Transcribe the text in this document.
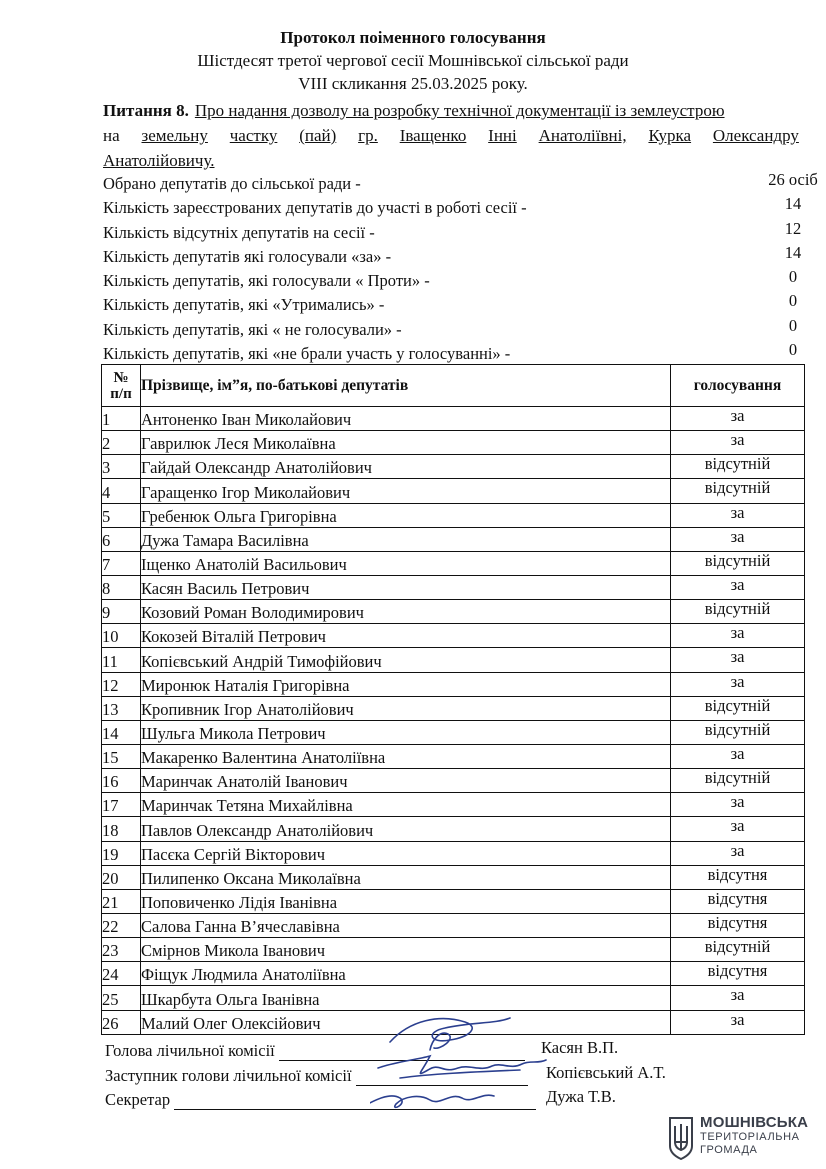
Протокол поіменного голосування
Шістдесят третої чергової сесії Мошнівської сільської ради
VIII скликання 25.03.2025 року.
Питання 8. Про надання дозволу на розробку технічної документації із землеустрою
на земельну частку (пай) гр. Іващенко Інні Анатоліївні, Курка Олександру
Анатолійовичу.
Обрано депутатів до сільської ради -	26 осіб
Кількість зареєстрованих депутатів до участі в роботі сесії -	14
Кількість відсутніх депутатів на сесії -	12
Кількість депутатів які голосували «за» -	14
Кількість депутатів, які голосували « Проти» -	0
Кількість депутатів, які «Утримались» -	0
Кількість депутатів, які « не голосували» -	0
Кількість депутатів, які «не брали участь у голосуванні» -	0
№
п/п	Прізвище, ім”я, по-батькові депутатів	голосування
1	Антоненко Іван Миколайович	за
2	Гаврилюк Леся Миколаївна	за
3	Гайдай Олександр Анатолійович	відсутній
4	Гаращенко Ігор Миколайович	відсутній
5	Гребенюк Ольга Григорівна	за
6	Дужа Тамара Василівна	за
7	Іщенко Анатолій Васильович	відсутній
8	Касян Василь Петрович	за
9	Козовий Роман Володимирович	відсутній
10	Кокозей Віталій Петрович	за
11	Копієвський Андрій Тимофійович	за
12	Миронюк Наталія Григорівна	за
13	Кропивник Ігор Анатолійович	відсутній
14	Шульга Микола Петрович	відсутній
15	Макаренко Валентина Анатоліївна	за
16	Маринчак Анатолій Іванович	відсутній
17	Маринчак Тетяна Михайлівна	за
18	Павлов Олександр Анатолійович	за
19	Пасєка Сергій Вікторович	за
20	Пилипенко Оксана Миколаївна	відсутня
21	Поповиченко Лідія Іванівна	відсутня
22	Салова Ганна В’ячеславівна	відсутня
23	Смірнов Микола Іванович	відсутній
24	Фіщук Людмила Анатоліївна	відсутня
25	Шкарбута Ольга Іванівна	за
26	Малий Олег Олексійович	за
Голова лічильної комісії	Касян В.П.
Заступник голови лічильної комісії	Копієвський А.Т.
Секретар	Дужа Т.В.
МОШНІВСЬКА
ТЕРИТОРІАЛЬНА
ГРОМАДА
